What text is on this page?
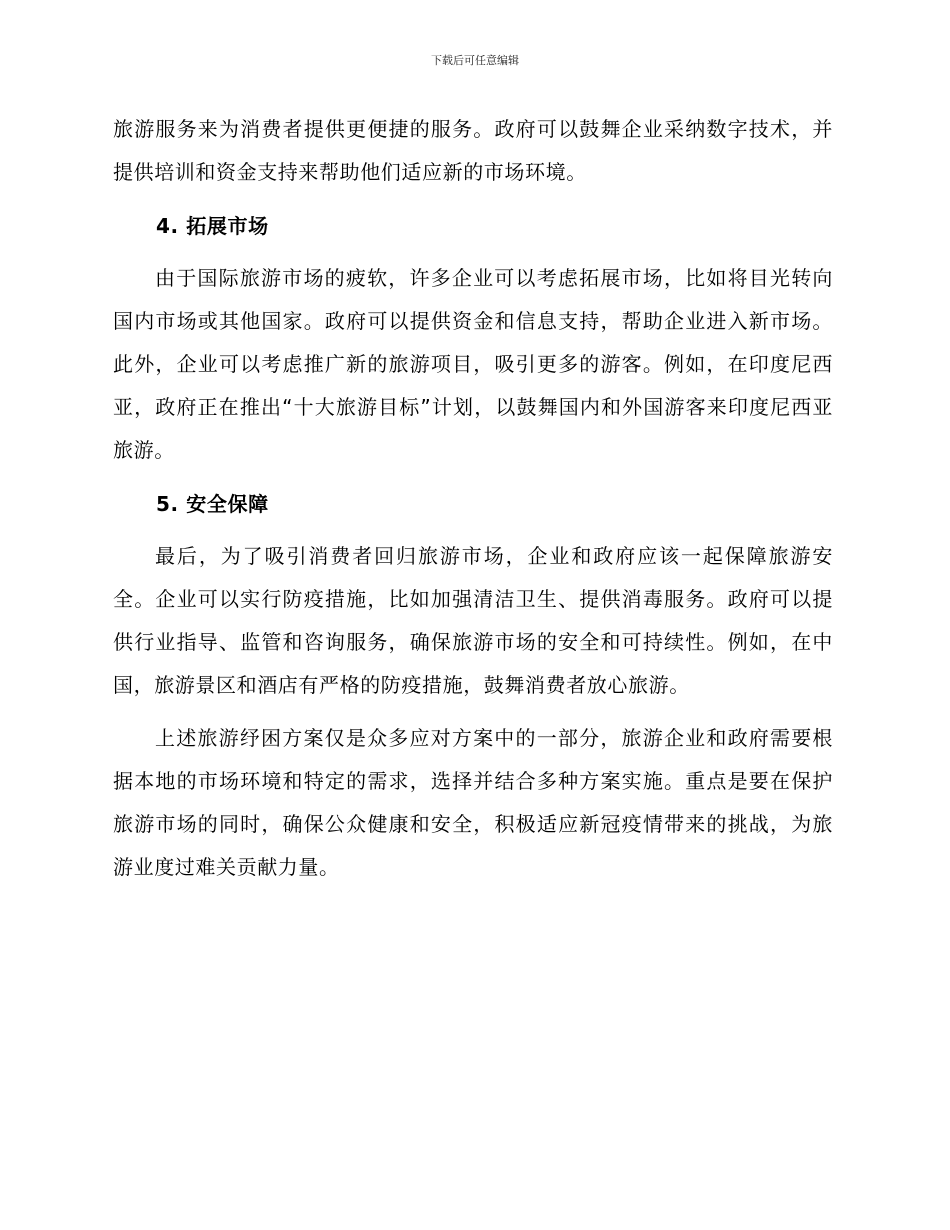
下载后可任意编辑

旅游服务来为消费者提供更便捷的服务。政府可以鼓舞企业采纳数字技术，并提供培训和资金支持来帮助他们适应新的市场环境。

4. 拓展市场

由于国际旅游市场的疲软，许多企业可以考虑拓展市场，比如将目光转向国内市场或其他国家。政府可以提供资金和信息支持，帮助企业进入新市场。此外，企业可以考虑推广新的旅游项目，吸引更多的游客。例如，在印度尼西亚，政府正在推出“十大旅游目标”计划，以鼓舞国内和外国游客来印度尼西亚旅游。

5. 安全保障

最后，为了吸引消费者回归旅游市场，企业和政府应该一起保障旅游安全。企业可以实行防疫措施，比如加强清洁卫生、提供消毒服务。政府可以提供行业指导、监管和咨询服务，确保旅游市场的安全和可持续性。例如，在中国，旅游景区和酒店有严格的防疫措施，鼓舞消费者放心旅游。

上述旅游纾困方案仅是众多应对方案中的一部分，旅游企业和政府需要根据本地的市场环境和特定的需求，选择并结合多种方案实施。重点是要在保护旅游市场的同时，确保公众健康和安全，积极适应新冠疫情带来的挑战，为旅游业度过难关贡献力量。
